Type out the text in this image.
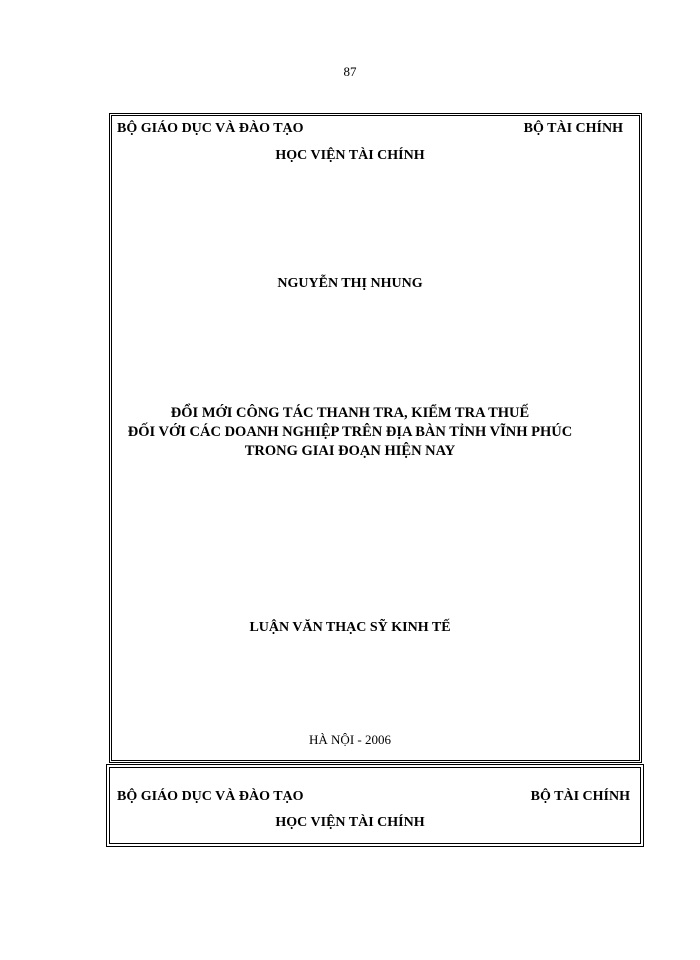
87
BỘ GIÁO DỤC VÀ ĐÀO TẠO	BỘ TÀI CHÍNH
HỌC VIỆN TÀI CHÍNH
NGUYỄN THỊ NHUNG
ĐỔI MỚI CÔNG TÁC THANH TRA, KIỂM TRA THUẾ
ĐỐI VỚI CÁC DOANH NGHIỆP TRÊN ĐỊA BÀN TỈNH VĨNH PHÚC
TRONG GIAI ĐOẠN HIỆN NAY
LUẬN VĂN THẠC SỸ KINH TẾ
HÀ NỘI - 2006
BỘ GIÁO DỤC VÀ ĐÀO TẠO	BỘ TÀI CHÍNH
HỌC VIỆN TÀI CHÍNH
